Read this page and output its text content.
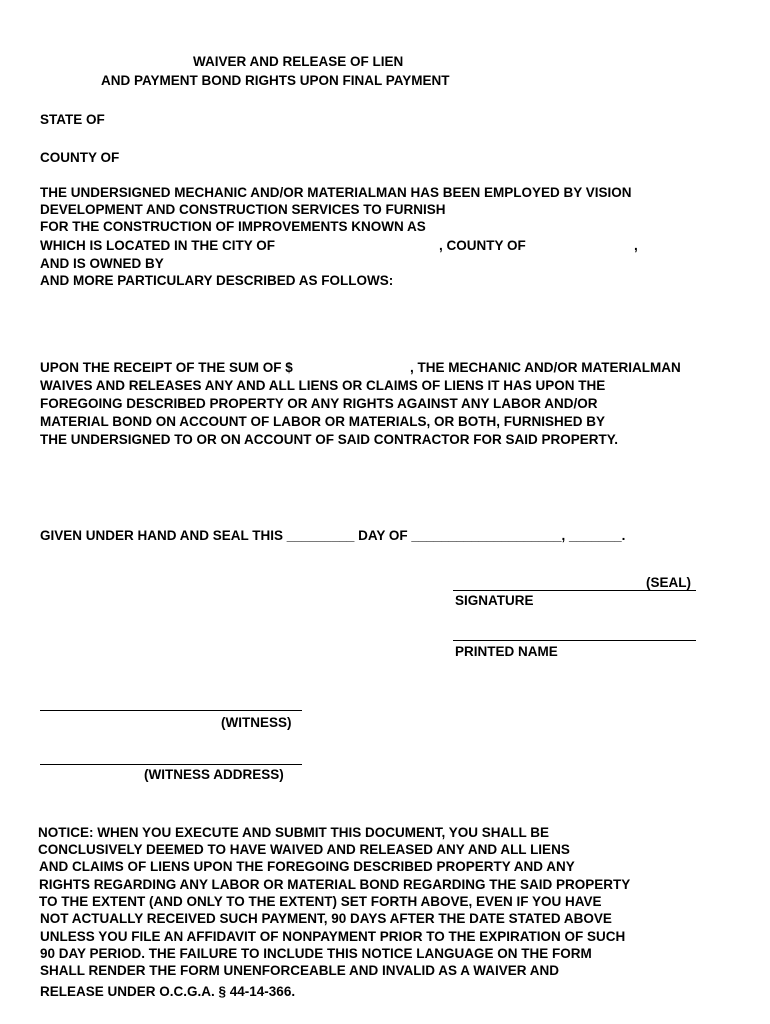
WAIVER AND RELEASE OF LIEN
AND PAYMENT BOND RIGHTS UPON FINAL PAYMENT
STATE OF
COUNTY OF
THE UNDERSIGNED MECHANIC AND/OR MATERIALMAN HAS BEEN EMPLOYED BY VISION
DEVELOPMENT AND CONSTRUCTION SERVICES TO FURNISH
FOR THE CONSTRUCTION OF IMPROVEMENTS KNOWN AS
WHICH IS LOCATED IN THE CITY OF	, COUNTY OF	,
AND IS OWNED BY
AND MORE PARTICULARY DESCRIBED AS FOLLOWS:
UPON THE RECEIPT OF THE SUM OF $	, THE MECHANIC AND/OR MATERIALMAN
WAIVES AND RELEASES ANY AND ALL LIENS OR CLAIMS OF LIENS IT HAS UPON THE
FOREGOING DESCRIBED PROPERTY OR ANY RIGHTS AGAINST ANY LABOR AND/OR
MATERIAL BOND ON ACCOUNT OF LABOR OR MATERIALS, OR BOTH, FURNISHED BY
THE UNDERSIGNED TO OR ON ACCOUNT OF SAID CONTRACTOR FOR SAID PROPERTY.
GIVEN UNDER HAND AND SEAL THIS _________ DAY OF ____________________, _______.
(SEAL)
SIGNATURE
PRINTED NAME
(WITNESS)
(WITNESS ADDRESS)
NOTICE: WHEN YOU EXECUTE AND SUBMIT THIS DOCUMENT, YOU SHALL BE
CONCLUSIVELY DEEMED TO HAVE WAIVED AND RELEASED ANY AND ALL LIENS
AND CLAIMS OF LIENS UPON THE FOREGOING DESCRIBED PROPERTY AND ANY
RIGHTS REGARDING ANY LABOR OR MATERIAL BOND REGARDING THE SAID PROPERTY
TO THE EXTENT (AND ONLY TO THE EXTENT) SET FORTH ABOVE, EVEN IF YOU HAVE
NOT ACTUALLY RECEIVED SUCH PAYMENT, 90 DAYS AFTER THE DATE STATED ABOVE
UNLESS YOU FILE AN AFFIDAVIT OF NONPAYMENT PRIOR TO THE EXPIRATION OF SUCH
90 DAY PERIOD. THE FAILURE TO INCLUDE THIS NOTICE LANGUAGE ON THE FORM
SHALL RENDER THE FORM UNENFORCEABLE AND INVALID AS A WAIVER AND
RELEASE UNDER O.C.G.A. § 44-14-366.
